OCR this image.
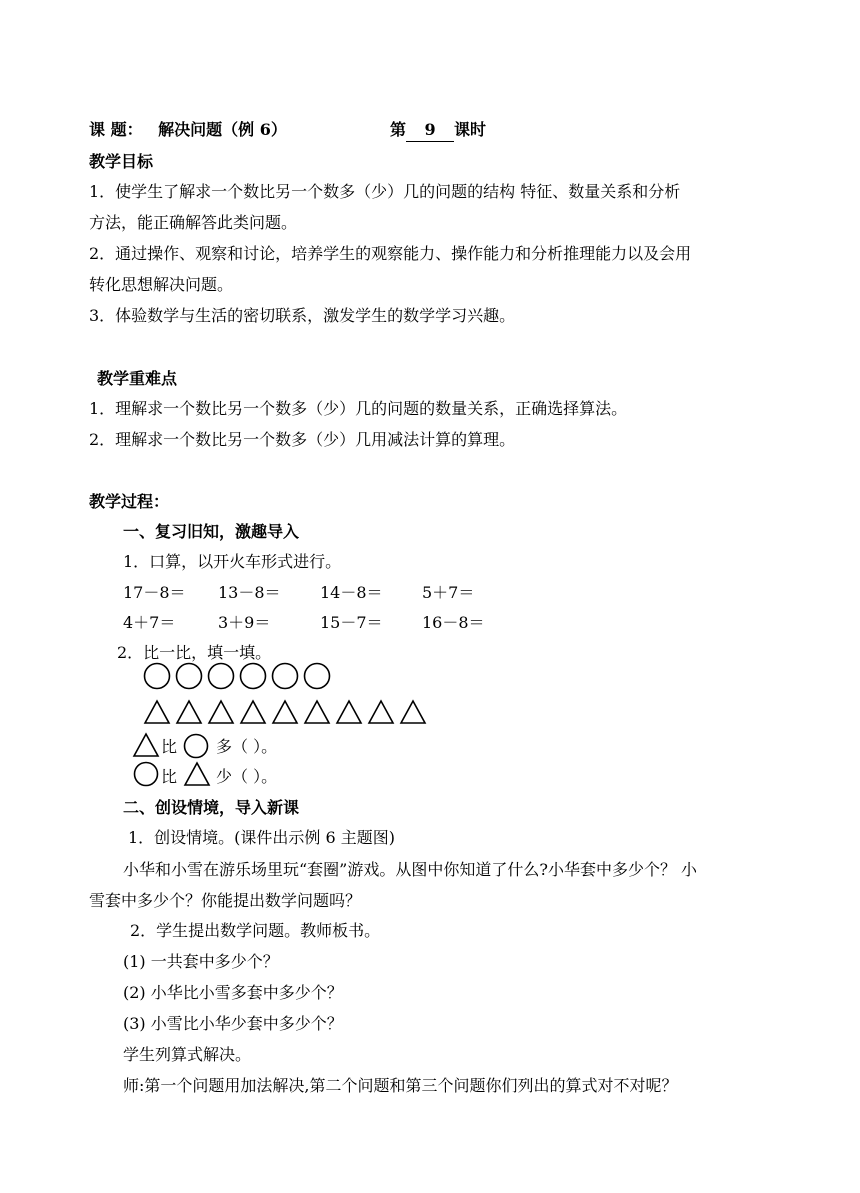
课 题： 解决问题（例 6）	第 9 课时
教学目标
1．使学生了解求一个数比另一个数多（少）几的问题的结构 特征、数量关系和分析
方法，能正确解答此类问题。
2．通过操作、观察和讨论，培养学生的观察能力、操作能力和分析推理能力以及会用
转化思想解决问题。
3．体验数学与生活的密切联系，激发学生的数学学习兴趣。
教学重难点
1．理解求一个数比另一个数多（少）几的问题的数量关系，正确选择算法。
2．理解求一个数比另一个数多（少）几用减法计算的算理。
教学过程：
一、复习旧知，激趣导入
1．口算，以开火车形式进行。
17－8＝ 13－8＝ 14－8＝ 5＋7＝
4＋7＝	3＋9＝	15－7＝ 16－8＝
2．比一比，填一填。
比 多（ ）。
比 少（ ）。
二、创设情境，导入新课
1．创设情境。(课件出示例 6 主题图)
小华和小雪在游乐场里玩“套圈”游戏。从图中你知道了什么?小华套中多少个？ 小
雪套中多少个？你能提出数学问题吗？
2．学生提出数学问题。教师板书。
(1) 一共套中多少个？
(2) 小华比小雪多套中多少个？
(3) 小雪比小华少套中多少个？
学生列算式解决。
师:第一个问题用加法解决,第二个问题和第三个问题你们列出的算式对不对呢？
